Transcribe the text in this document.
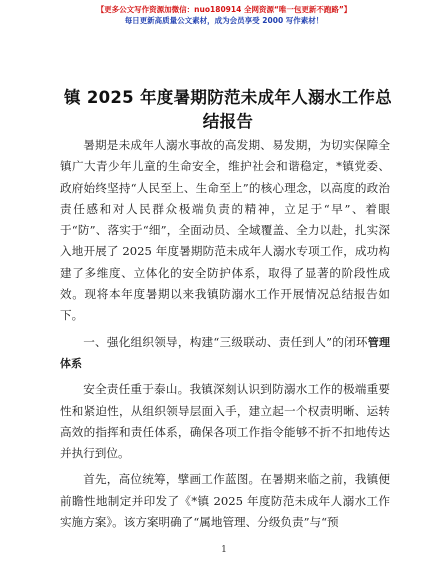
【更多公文写作资源加微信：nuo180914 全网资源“唯一包更新不跑路”】
每日更新高质量公文素材，成为会员享受 2000 写作素材！
镇 2025 年度暑期防范未成年人溺水工作总结报告

暑期是未成年人溺水事故的高发期、易发期，为切实保障全镇广大青少年儿童的生命安全，维护社会和谐稳定，*镇党委、政府始终坚持“人民至上、生命至上”的核心理念，以高度的政治责任感和对人民群众极端负责的精神，立足于“早”、着眼于“防”、落实于“细”，全面动员、全域覆盖、全力以赴，扎实深入地开展了 2025 年度暑期防范未成年人溺水专项工作，成功构建了多维度、立体化的安全防护体系，取得了显著的阶段性成效。现将本年度暑期以来我镇防溺水工作开展情况总结报告如下。

一、强化组织领导，构建“三级联动、责任到人”的闭环管理体系

安全责任重于泰山。我镇深刻认识到防溺水工作的极端重要性和紧迫性，从组织领导层面入手，建立起一个权责明晰、运转高效的指挥和责任体系，确保各项工作指令能够不折不扣地传达并执行到位。

首先，高位统筹，擘画工作蓝图。在暑期来临之前，我镇便前瞻性地制定并印发了《*镇 2025 年度防范未成年人溺水工作实施方案》。该方案明确了“属地管理、分级负责”与“预

1
